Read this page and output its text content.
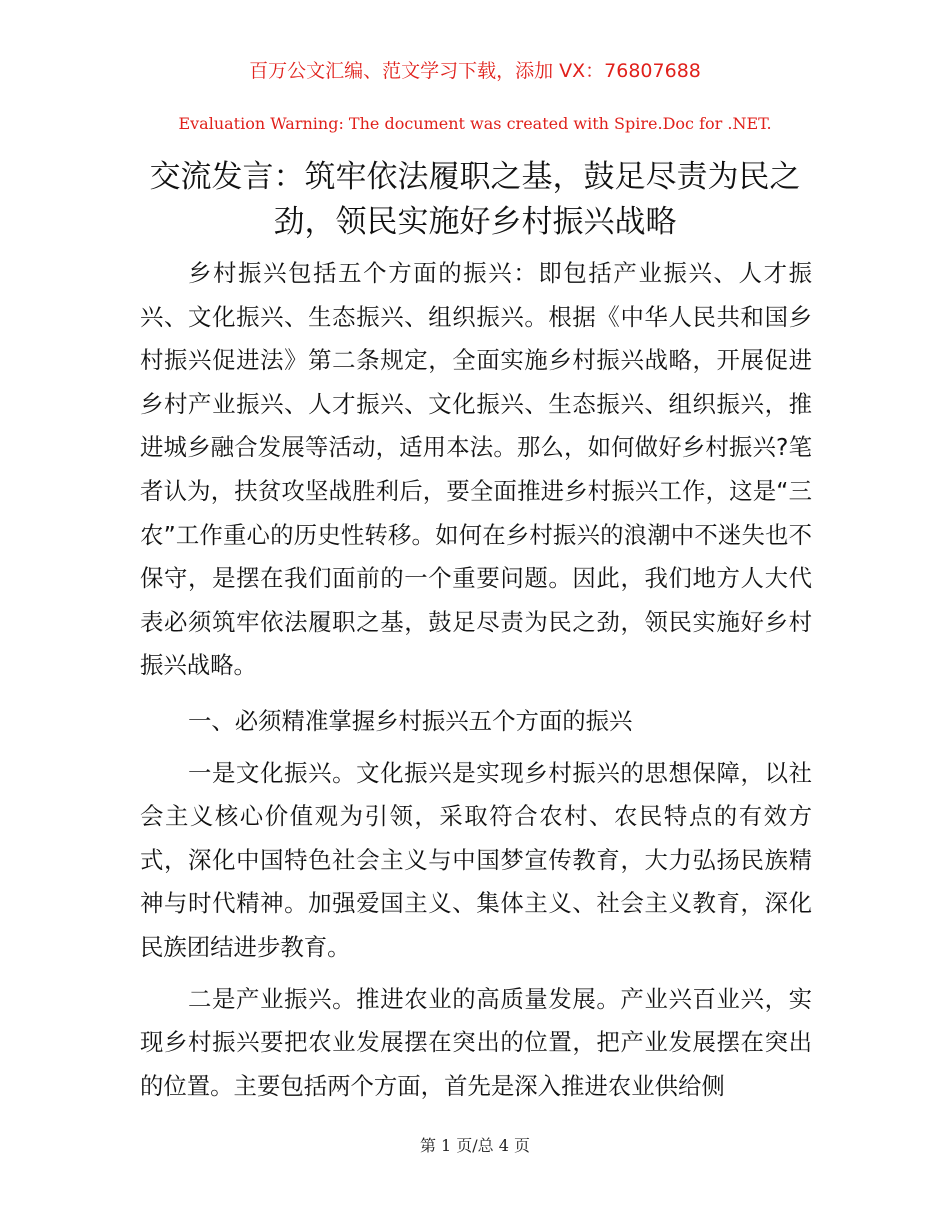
百万公文汇编、范文学习下载，添加 VX：76807688
Evaluation Warning: The document was created with Spire.Doc for .NET.
交流发言：筑牢依法履职之基，鼓足尽责为民之劲，领民实施好乡村振兴战略

乡村振兴包括五个方面的振兴：即包括产业振兴、人才振兴、文化振兴、生态振兴、组织振兴。根据《中华人民共和国乡村振兴促进法》第二条规定，全面实施乡村振兴战略，开展促进乡村产业振兴、人才振兴、文化振兴、生态振兴、组织振兴，推进城乡融合发展等活动，适用本法。那么，如何做好乡村振兴?笔者认为，扶贫攻坚战胜利后，要全面推进乡村振兴工作，这是“三农”工作重心的历史性转移。如何在乡村振兴的浪潮中不迷失也不保守，是摆在我们面前的一个重要问题。因此，我们地方人大代表必须筑牢依法履职之基，鼓足尽责为民之劲，领民实施好乡村振兴战略。

一、必须精准掌握乡村振兴五个方面的振兴

一是文化振兴。文化振兴是实现乡村振兴的思想保障，以社会主义核心价值观为引领，采取符合农村、农民特点的有效方式，深化中国特色社会主义与中国梦宣传教育，大力弘扬民族精神与时代精神。加强爱国主义、集体主义、社会主义教育，深化民族团结进步教育。

二是产业振兴。推进农业的高质量发展。产业兴百业兴，实现乡村振兴要把农业发展摆在突出的位置，把产业发展摆在突出的位置。主要包括两个方面，首先是深入推进农业供给侧

第 1 页/总 4 页
